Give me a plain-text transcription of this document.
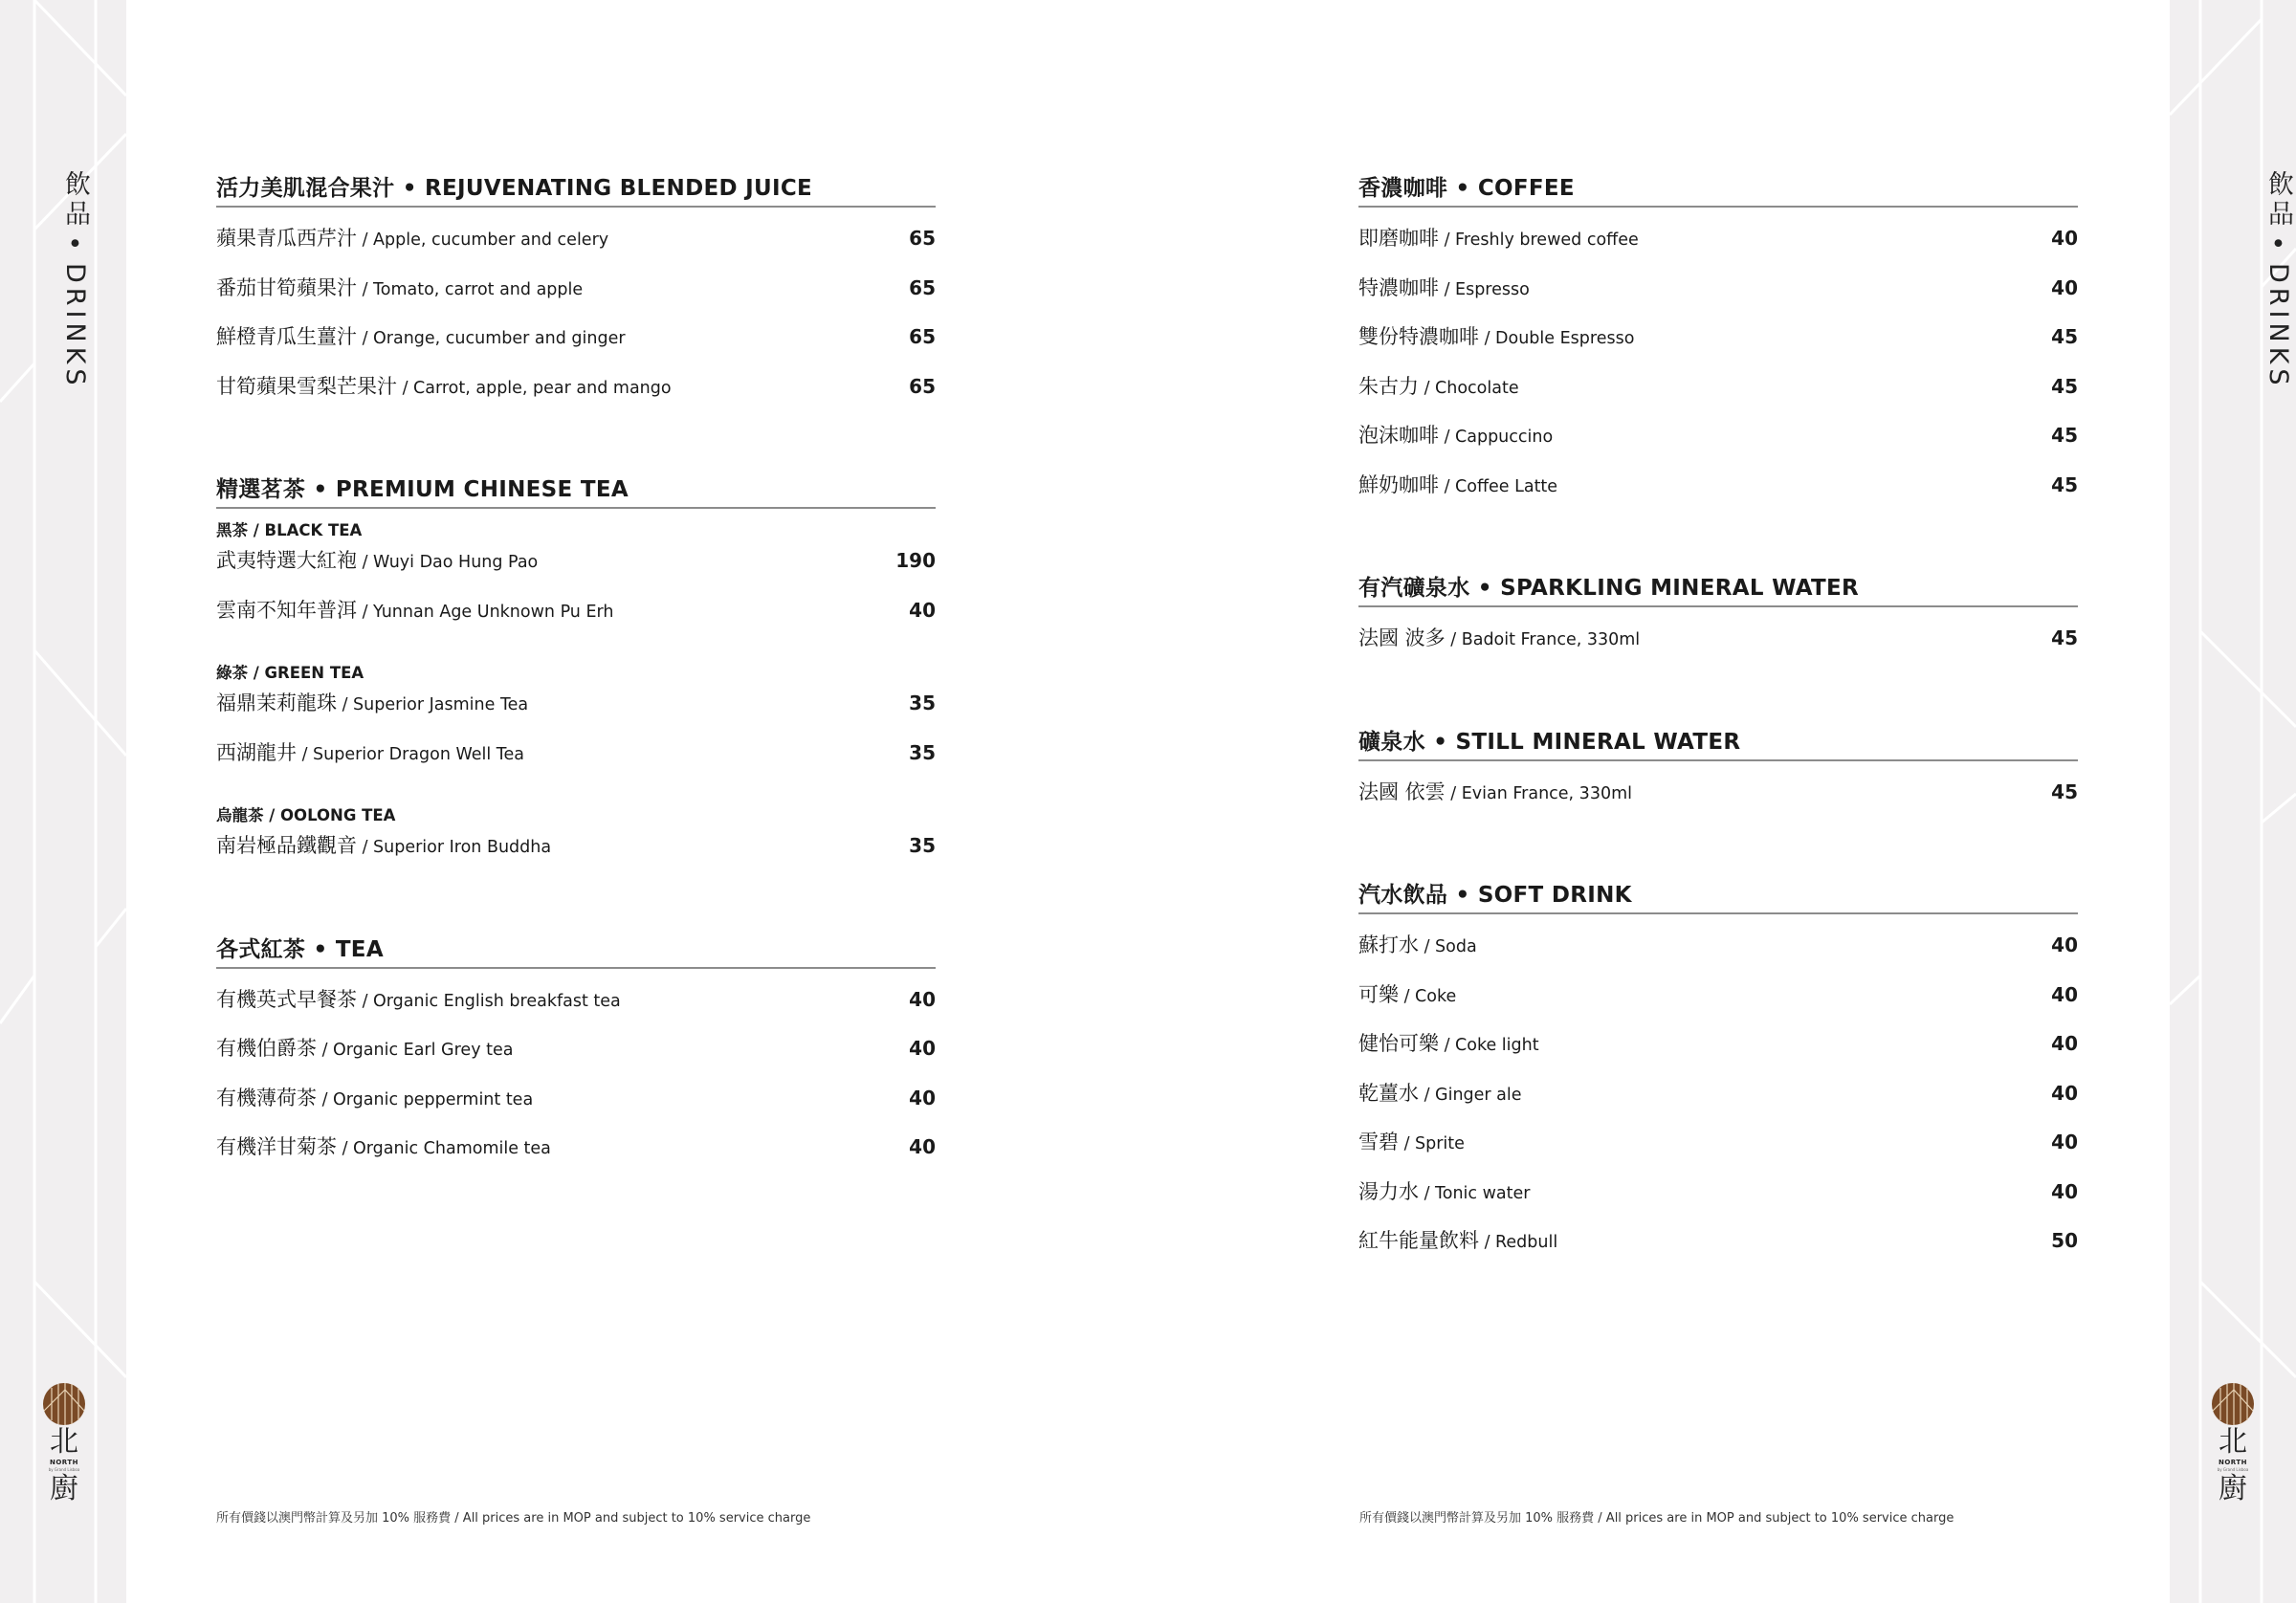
飲品•DRINKS
北
NORTH
by Grand Lisboa
廚
飲品•DRINKS
北
NORTH
by Grand Lisboa
廚
活力美肌混合果汁 • REJUVENATING BLENDED JUICE
蘋果青瓜西芹汁 / Apple, cucumber and celery	65
番茄甘筍蘋果汁 / Tomato, carrot and apple	65
鮮橙青瓜生薑汁 / Orange, cucumber and ginger	65
甘筍蘋果雪梨芒果汁 / Carrot, apple, pear and mango	65
精選茗茶 • PREMIUM CHINESE TEA
黑茶 / BLACK TEA
武夷特選大紅袍 / Wuyi Dao Hung Pao	190
雲南不知年普洱 / Yunnan Age Unknown Pu Erh	40
綠茶 / GREEN TEA
福鼎茉莉龍珠 / Superior Jasmine Tea	35
西湖龍井 / Superior Dragon Well Tea	35
烏龍茶 / OOLONG TEA
南岩極品鐵觀音 / Superior Iron Buddha	35
各式紅茶 • TEA
有機英式早餐茶 / Organic English breakfast tea	40
有機伯爵茶 / Organic Earl Grey tea	40
有機薄荷茶 / Organic peppermint tea	40
有機洋甘菊茶 / Organic Chamomile tea	40
香濃咖啡 • COFFEE
即磨咖啡 / Freshly brewed coffee	40
特濃咖啡 / Espresso	40
雙份特濃咖啡 / Double Espresso	45
朱古力 / Chocolate	45
泡沫咖啡 / Cappuccino	45
鮮奶咖啡 / Coffee Latte	45
有汽礦泉水 • SPARKLING MINERAL WATER
法國 波多 / Badoit France, 330ml	45
礦泉水 • STILL MINERAL WATER
法國 依雲 / Evian France, 330ml	45
汽水飲品 • SOFT DRINK
蘇打水 / Soda	40
可樂 / Coke	40
健怡可樂 / Coke light	40
乾薑水 / Ginger ale	40
雪碧 / Sprite	40
湯力水 / Tonic water	40
紅牛能量飲料 / Redbull	50
所有價錢以澳門幣計算及另加 10% 服務費 / All prices are in MOP and subject to 10% service charge	所有價錢以澳門幣計算及另加 10% 服務費 / All prices are in MOP and subject to 10% service charge
